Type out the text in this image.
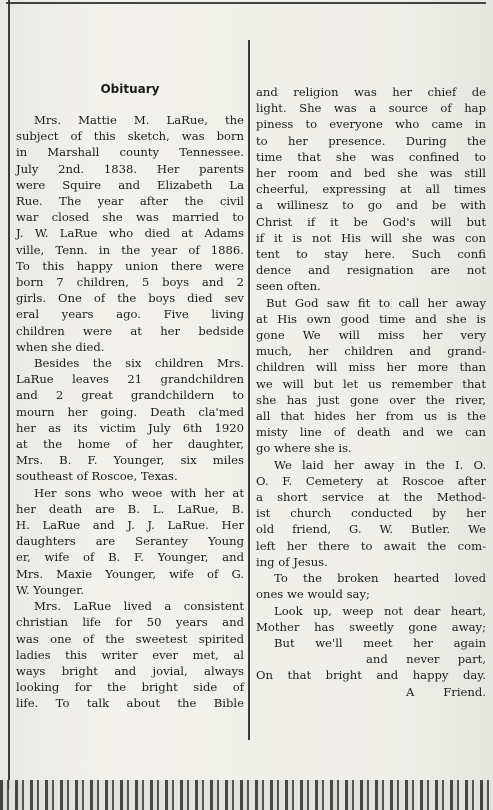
Obituary
Mrs. Mattie M. LaRue, the
subject of this sketch, was born
in Marshall county Tennessee.
July 2nd. 1838. Her parents
were Squire and Elizabeth La
Rue. The year after the civil
war closed she was married to
J. W. LaRue who died at Adams
ville, Tenn. in the year of 1886.
To this happy union there were
born 7 children, 5 boys and 2
girls. One of the boys died sev
eral years ago. Five living
children were at her bedside
when she died.
Besides the six children Mrs.
LaRue leaves 21 grandchildren
and 2 great grandchildern to
mourn her going. Death cla'med
her as its victim July 6th 1920
at the home of her daughter,
Mrs. B. F. Younger, six miles
southeast of Roscoe, Texas.
Her sons who weoe with her at
her death are B. L. LaRue, B.
H. LaRue and J. J. LaRue. Her
daughters are Serantey Young
er, wife of B. F. Younger, and
Mrs. Maxie Younger, wife of G.
W. Younger.
Mrs. LaRue lived a consistent
christian life for 50 years and
was one of the sweetest spirited
ladies this writer ever met, al
ways bright and jovial, always
looking for the bright side of
life. To talk about the Bible
and religion was her chief de
light. She was a source of hap
piness to everyone who came in
to her presence. During the
time that she was confined to
her room and bed she was still
cheerful, expressing at all times
a willinesz to go and be with
Christ if it be God's will but
if it is not His will she was con
tent to stay here. Such confi
dence and resignation are not
seen often.
But God saw fit to call her away
at His own good time and she is
gone We will miss her very
much, her children and grand-
children will miss her more than
we will but let us remember that
she has just gone over the river,
all that hides her from us is the
misty line of death and we can
go where she is.
We laid her away in the I. O.
O. F. Cemetery at Roscoe after
a short service at the Method-
ist church conducted by her
old friend, G. W. Butler. We
left her there to await the com-
ing of Jesus.
To the broken hearted loved
ones we would say;
Look up, weep not dear heart,
Mother has sweetly gone away;
But we'll meet her again
and never part,
On that bright and happy day.
A Friend.
